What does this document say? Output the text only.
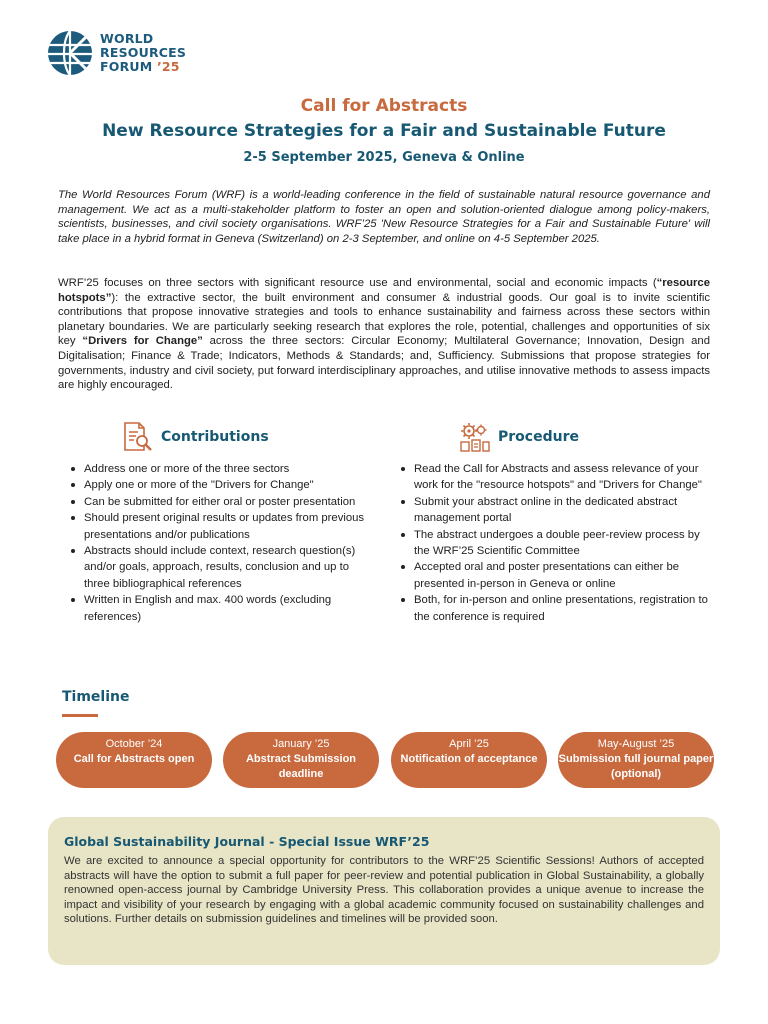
WORLD
RESOURCES
FORUM ’25
Call for Abstracts
New Resource Strategies for a Fair and Sustainable Future
2-5 September 2025, Geneva & Online

The World Resources Forum (WRF) is a world-leading conference in the field of sustainable natural resource governance and management. We act as a multi-stakeholder platform to foster an open and solution-oriented dialogue among policy-makers, scientists, businesses, and civil society organisations. WRF’25 'New Resource Strategies for a Fair and Sustainable Future' will take place in a hybrid format in Geneva (Switzerland) on 2-3 September, and online on 4-5 September 2025.

WRF’25 focuses on three sectors with significant resource use and environmental, social and economic impacts (“resource hotspots”): the extractive sector, the built environment and consumer & industrial goods. Our goal is to invite scientific contributions that propose innovative strategies and tools to enhance sustainability and fairness across these sectors within planetary boundaries. We are particularly seeking research that explores the role, potential, challenges and opportunities of six key “Drivers for Change” across the three sectors: Circular Economy; Multilateral Governance; Innovation, Design and Digitalisation; Finance & Trade; Indicators, Methods & Standards; and, Sufficiency. Submissions that propose strategies for governments, industry and civil society, put forward interdisciplinary approaches, and utilise innovative methods to assess impacts are highly encouraged.

Contributions
Address one or more of the three sectors
Apply one or more of the "Drivers for Change"
Can be submitted for either oral or poster presentation
Should present original results or updates from previous presentations and/or publications
Abstracts should include context, research question(s) and/or goals, approach, results, conclusion and up to three bibliographical references
Written in English and max. 400 words (excluding references)
Procedure
Read the Call for Abstracts and assess relevance of your work for the "resource hotspots" and "Drivers for Change"
Submit your abstract online in the dedicated abstract management portal
The abstract undergoes a double peer-review process by the WRF’25 Scientific Committee
Accepted oral and poster presentations can either be presented in-person in Geneva or online
Both, for in-person and online presentations, registration to the conference is required
Timeline
October ’24
Call for Abstracts open
January ’25
Abstract Submission deadline
April ’25
Notification of acceptance
May-August ’25
Submission full journal paper (optional)
Global Sustainability Journal - Special Issue WRF’25

We are excited to announce a special opportunity for contributors to the WRF’25 Scientific Sessions! Authors of accepted abstracts will have the option to submit a full paper for peer-review and potential publication in Global Sustainability, a globally renowned open-access journal by Cambridge University Press. This collaboration provides a unique avenue to increase the impact and visibility of your research by engaging with a global academic community focused on sustainability challenges and solutions. Further details on submission guidelines and timelines will be provided soon.
